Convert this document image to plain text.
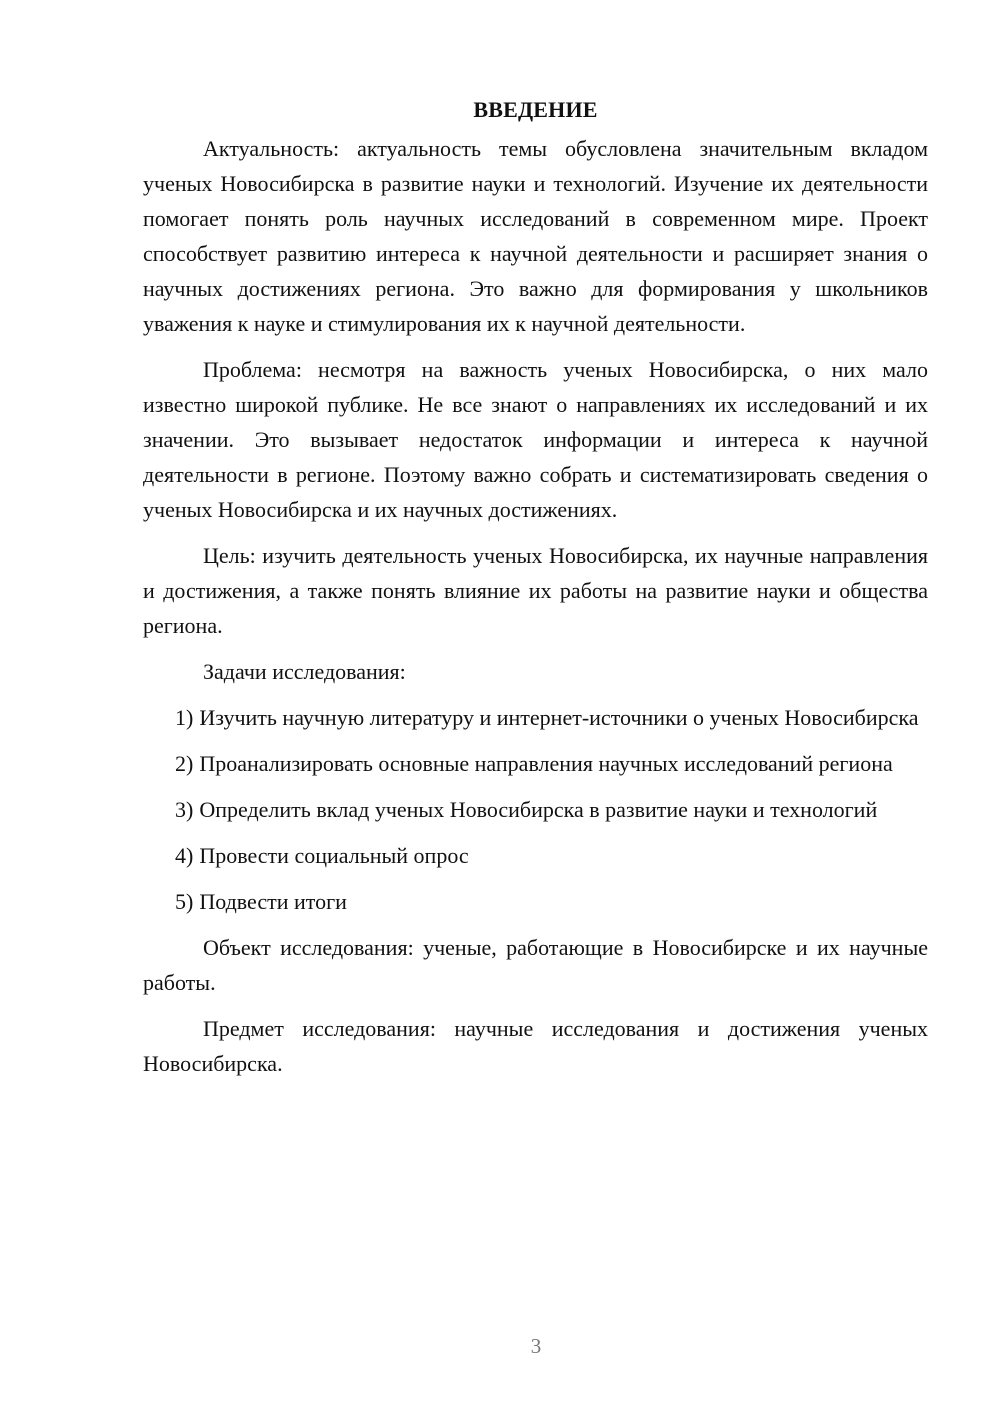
ВВЕДЕНИЕ

Актуальность: актуальность темы обусловлена значительным вкладом ученых Новосибирска в развитие науки и технологий. Изучение их деятельности помогает понять роль научных исследований в современном мире. Проект способствует развитию интереса к научной деятельности и расширяет знания о научных достижениях региона. Это важно для формирования у школьников уважения к науке и стимулирования их к научной деятельности.

Проблема: несмотря на важность ученых Новосибирска, о них мало известно широкой публике. Не все знают о направлениях их исследований и их значении. Это вызывает недостаток информации и интереса к научной деятельности в регионе. Поэтому важно собрать и систематизировать сведения о ученых Новосибирска и их научных достижениях.

Цель: изучить деятельность ученых Новосибирска, их научные направления и достижения, а также понять влияние их работы на развитие науки и общества региона.

Задачи исследования:

1) Изучить научную литературу и интернет-источники о ученых Новосибирска

2) Проанализировать основные направления научных исследований региона

3) Определить вклад ученых Новосибирска в развитие науки и технологий

4) Провести социальный опрос

5) Подвести итоги

Объект исследования: ученые, работающие в Новосибирске и их научные работы.

Предмет исследования: научные исследования и достижения ученых Новосибирска.

3
